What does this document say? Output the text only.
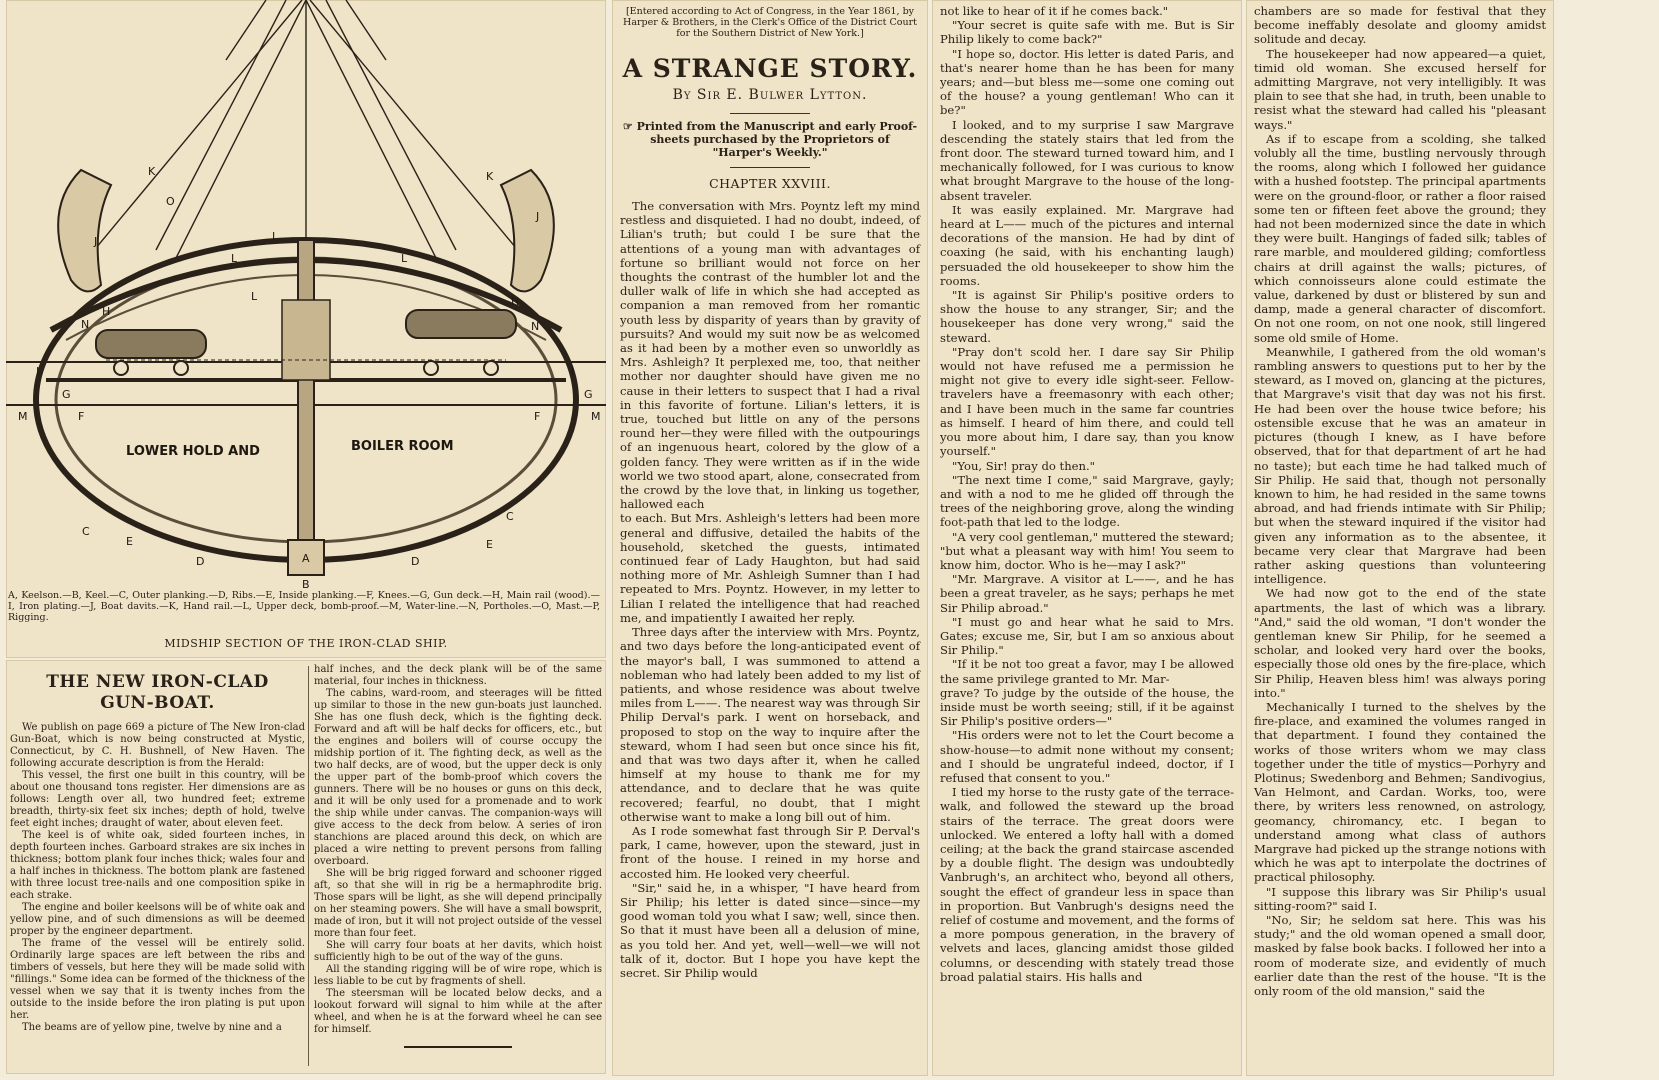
LOWER HOLD AND	BOILER ROOM
J
K
O
K
J
I
L
L
L
H
N
H
N
G	G
I	I
F	F
M	M
C
C
E	E
D	D
A
B
A, Keelson.—B, Keel.—C, Outer planking.—D, Ribs.—E, Inside planking.—F, Knees.—G, Gun deck.—H, Main rail (wood).—I, Iron plating.—J, Boat davits.—K, Hand rail.—L, Upper deck, bomb-proof.—M, Water-line.—N, Portholes.—O, Mast.—P, Rigging.
MIDSHIP SECTION OF THE IRON-CLAD SHIP.
THE NEW IRON-CLAD GUN-BOAT.

We publish on page 669 a picture of The New Iron-clad Gun-Boat, which is now being constructed at Mystic, Connecticut, by C. H. Bushnell, of New Haven. The following accurate description is from the Herald:

This vessel, the first one built in this country, will be about one thousand tons register. Her dimensions are as follows: Length over all, two hundred feet; extreme breadth, thirty-six feet six inches; depth of hold, twelve feet eight inches; draught of water, about eleven feet.

The keel is of white oak, sided fourteen inches, in depth fourteen inches. Garboard strakes are six inches in thickness; bottom plank four inches thick; wales four and a half inches in thickness. The bottom plank are fastened with three locust tree-nails and one composition spike in each strake.

The engine and boiler keelsons will be of white oak and yellow pine, and of such dimensions as will be deemed proper by the engineer department.

The frame of the vessel will be entirely solid. Ordinarily large spaces are left between the ribs and timbers of vessels, but here they will be made solid with "fillings." Some idea can be formed of the thickness of the vessel when we say that it is twenty inches from the outside to the inside before the iron plating is put upon her.

The beams are of yellow pine, twelve by nine and a

half inches, and the deck plank will be of the same material, four inches in thickness.

The cabins, ward-room, and steerages will be fitted up similar to those in the new gun-boats just launched. She has one flush deck, which is the fighting deck. Forward and aft will be half decks for officers, etc., but the engines and boilers will of course occupy the midship portion of it. The fighting deck, as well as the two half decks, are of wood, but the upper deck is only the upper part of the bomb-proof which covers the gunners. There will be no houses or guns on this deck, and it will be only used for a promenade and to work the ship while under canvas. The companion-ways will give access to the deck from below. A series of iron stanchions are placed around this deck, on which are placed a wire netting to prevent persons from falling overboard.

She will be brig rigged forward and schooner rigged aft, so that she will in rig be a hermaphrodite brig. Those spars will be light, as she will depend principally on her steaming powers. She will have a small bowsprit, made of iron, but it will not project outside of the vessel more than four feet.

She will carry four boats at her davits, which hoist sufficiently high to be out of the way of the guns.

All the standing rigging will be of wire rope, which is less liable to be cut by fragments of shell.

The steersman will be located below decks, and a lookout forward will signal to him while at the after wheel, and when he is at the forward wheel he can see for himself.

[Entered according to Act of Congress, in the Year 1861, by Harper & Brothers, in the Clerk's Office of the District Court for the Southern District of New York.]
A STRANGE STORY.
By Sir E. Bulwer Lytton.
☞ Printed from the Manuscript and early Proof-sheets purchased by the Proprietors of "Harper's Weekly."
CHAPTER XXVIII.

The conversation with Mrs. Poyntz left my mind restless and disquieted. I had no doubt, indeed, of Lilian's truth; but could I be sure that the attentions of a young man with advantages of fortune so brilliant would not force on her thoughts the contrast of the humbler lot and the duller walk of life in which she had accepted as companion a man removed from her romantic youth less by disparity of years than by gravity of pursuits? And would my suit now be as welcomed as it had been by a mother even so unworldly as Mrs. Ashleigh? It perplexed me, too, that neither mother nor daughter should have given me no cause in their letters to suspect that I had a rival in this favorite of fortune. Lilian's letters, it is true, touched but little on any of the persons round her—they were filled with the outpourings of an ingenuous heart, colored by the glow of a golden fancy. They were written as if in the wide world we two stood apart, alone, consecrated from the crowd by the love that, in linking us together, hallowed each

to each. But Mrs. Ashleigh's letters had been more general and diffusive, detailed the habits of the household, sketched the guests, intimated continued fear of Lady Haughton, but had said nothing more of Mr. Ashleigh Sumner than I had repeated to Mrs. Poyntz. However, in my letter to Lilian I related the intelligence that had reached me, and impatiently I awaited her reply.

Three days after the interview with Mrs. Poyntz, and two days before the long-anticipated event of the mayor's ball, I was summoned to attend a nobleman who had lately been added to my list of patients, and whose residence was about twelve miles from L——. The nearest way was through Sir Philip Derval's park. I went on horseback, and proposed to stop on the way to inquire after the steward, whom I had seen but once since his fit, and that was two days after it, when he called himself at my house to thank me for my attendance, and to declare that he was quite recovered; fearful, no doubt, that I might otherwise want to make a long bill out of him.

As I rode somewhat fast through Sir P. Derval's park, I came, however, upon the steward, just in front of the house. I reined in my horse and accosted him. He looked very cheerful.

"Sir," said he, in a whisper, "I have heard from Sir Philip; his letter is dated since—since—my good woman told you what I saw; well, since then. So that it must have been all a delusion of mine, as you told her. And yet, well—well—we will not talk of it, doctor. But I hope you have kept the secret. Sir Philip would

not like to hear of it if he comes back."

"Your secret is quite safe with me. But is Sir Philip likely to come back?"

"I hope so, doctor. His letter is dated Paris, and that's nearer home than he has been for many years; and—but bless me—some one coming out of the house? a young gentleman! Who can it be?"

I looked, and to my surprise I saw Margrave descending the stately stairs that led from the front door. The steward turned toward him, and I mechanically followed, for I was curious to know what brought Margrave to the house of the long-absent traveler.

It was easily explained. Mr. Margrave had heard at L—— much of the pictures and internal decorations of the mansion. He had by dint of coaxing (he said, with his enchanting laugh) persuaded the old housekeeper to show him the rooms.

"It is against Sir Philip's positive orders to show the house to any stranger, Sir; and the housekeeper has done very wrong," said the steward.

"Pray don't scold her. I dare say Sir Philip would not have refused me a permission he might not give to every idle sight-seer. Fellow-travelers have a freemasonry with each other; and I have been much in the same far countries as himself. I heard of him there, and could tell you more about him, I dare say, than you know yourself."

"You, Sir! pray do then."

"The next time I come," said Margrave, gayly; and with a nod to me he glided off through the trees of the neighboring grove, along the winding foot-path that led to the lodge.

"A very cool gentleman," muttered the steward; "but what a pleasant way with him! You seem to know him, doctor. Who is he—may I ask?"

"Mr. Margrave. A visitor at L——, and he has been a great traveler, as he says; perhaps he met Sir Philip abroad."

"I must go and hear what he said to Mrs. Gates; excuse me, Sir, but I am so anxious about Sir Philip."

"If it be not too great a favor, may I be allowed the same privilege granted to Mr. Mar-

grave? To judge by the outside of the house, the inside must be worth seeing; still, if it be against Sir Philip's positive orders—"

"His orders were not to let the Court become a show-house—to admit none without my consent; and I should be ungrateful indeed, doctor, if I refused that consent to you."

I tied my horse to the rusty gate of the terrace-walk, and followed the steward up the broad stairs of the terrace. The great doors were unlocked. We entered a lofty hall with a domed ceiling; at the back the grand staircase ascended by a double flight. The design was undoubtedly Vanbrugh's, an architect who, beyond all others, sought the effect of grandeur less in space than in proportion. But Vanbrugh's designs need the relief of costume and movement, and the forms of a more pompous generation, in the bravery of velvets and laces, glancing amidst those gilded columns, or descending with stately tread those broad palatial stairs. His halls and

chambers are so made for festival that they become ineffably desolate and gloomy amidst solitude and decay.

The housekeeper had now appeared—a quiet, timid old woman. She excused herself for admitting Margrave, not very intelligibly. It was plain to see that she had, in truth, been unable to resist what the steward had called his "pleasant ways."

As if to escape from a scolding, she talked volubly all the time, bustling nervously through the rooms, along which I followed her guidance with a hushed footstep. The principal apartments were on the ground-floor, or rather a floor raised some ten or fifteen feet above the ground; they had not been modernized since the date in which they were built. Hangings of faded silk; tables of rare marble, and mouldered gilding; comfortless chairs at drill against the walls; pictures, of which connoisseurs alone could estimate the value, darkened by dust or blistered by sun and damp, made a general character of discomfort. On not one room, on not one nook, still lingered some old smile of Home.

Meanwhile, I gathered from the old woman's rambling answers to questions put to her by the steward, as I moved on, glancing at the pictures, that Margrave's visit that day was not his first. He had been over the house twice before; his ostensible excuse that he was an amateur in pictures (though I knew, as I have before observed, that for that department of art he had no taste); but each time he had talked much of Sir Philip. He said that, though not personally known to him, he had resided in the same towns abroad, and had friends intimate with Sir Philip; but when the steward inquired if the visitor had given any information as to the absentee, it became very clear that Margrave had been rather asking questions than volunteering intelligence.

We had now got to the end of the state apartments, the last of which was a library. "And," said the old woman, "I don't wonder the gentleman knew Sir Philip, for he seemed a scholar, and looked very hard over the books, especially those old ones by the fire-place, which Sir Philip, Heaven bless him! was always poring into."

Mechanically I turned to the shelves by the fire-place, and examined the volumes ranged in that department. I found they contained the works of those writers whom we may class together under the title of mystics—Porhyry and Plotinus; Swedenborg and Behmen; Sandivogius, Van Helmont, and Cardan. Works, too, were there, by writers less renowned, on astrology, geomancy, chiromancy, etc. I began to understand among what class of authors Margrave had picked up the strange notions with which he was apt to interpolate the doctrines of practical philosophy.

"I suppose this library was Sir Philip's usual sitting-room?" said I.

"No, Sir; he seldom sat here. This was his study;" and the old woman opened a small door, masked by false book backs. I followed her into a room of moderate size, and evidently of much earlier date than the rest of the house. "It is the only room of the old mansion," said the
